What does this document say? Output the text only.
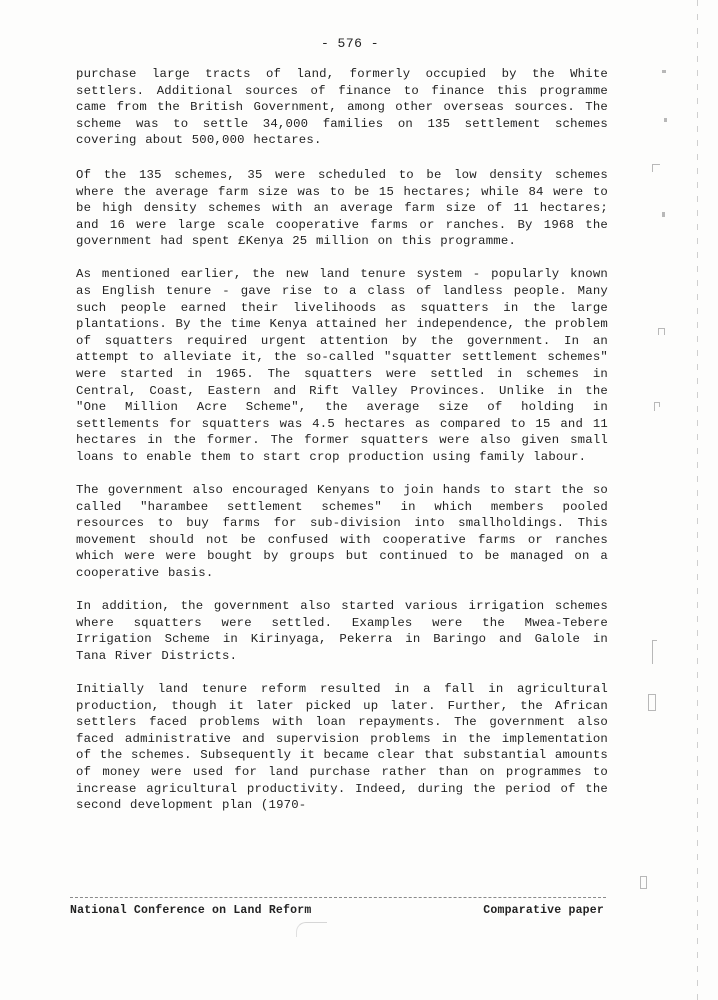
- 576 -

purchase large tracts of land, formerly occupied by the White settlers. Additional sources of finance to finance this programme came from the British Government, among other overseas sources. The scheme was to settle 34,000 families on 135 settlement schemes covering about 500,000 hectares.

Of the 135 schemes, 35 were scheduled to be low density schemes where the average farm size was to be 15 hectares; while 84 were to be high density schemes with an average farm size of 11 hectares; and 16 were large scale cooperative farms or ranches. By 1968 the government had spent £Kenya 25 million on this programme.

As mentioned earlier, the new land tenure system - popularly known as English tenure - gave rise to a class of landless people. Many such people earned their livelihoods as squatters in the large plantations. By the time Kenya attained her independence, the problem of squatters required urgent attention by the government. In an attempt to alleviate it, the so-called "squatter settlement schemes" were started in 1965. The squatters were settled in schemes in Central, Coast, Eastern and Rift Valley Provinces. Unlike in the "One Million Acre Scheme", the average size of holding in settlements for squatters was 4.5 hectares as compared to 15 and 11 hectares in the former. The former squatters were also given small loans to enable them to start crop production using family labour.

The government also encouraged Kenyans to join hands to start the so called "harambee settlement schemes" in which members pooled resources to buy farms for sub-division into smallholdings. This movement should not be confused with cooperative farms or ranches which were were bought by groups but continued to be managed on a cooperative basis.

In addition, the government also started various irrigation schemes where squatters were settled. Examples were the Mwea-Tebere Irrigation Scheme in Kirinyaga, Pekerra in Baringo and Galole in Tana River Districts.

Initially land tenure reform resulted in a fall in agricultural production, though it later picked up later. Further, the African settlers faced problems with loan repayments. The government also faced administrative and supervision problems in the implementation of the schemes. Subsequently it became clear that substantial amounts of money were used for land purchase rather than on programmes to increase agricultural productivity. Indeed, during the period of the second development plan (1970-

National Conference on Land Reform	Comparative paper
